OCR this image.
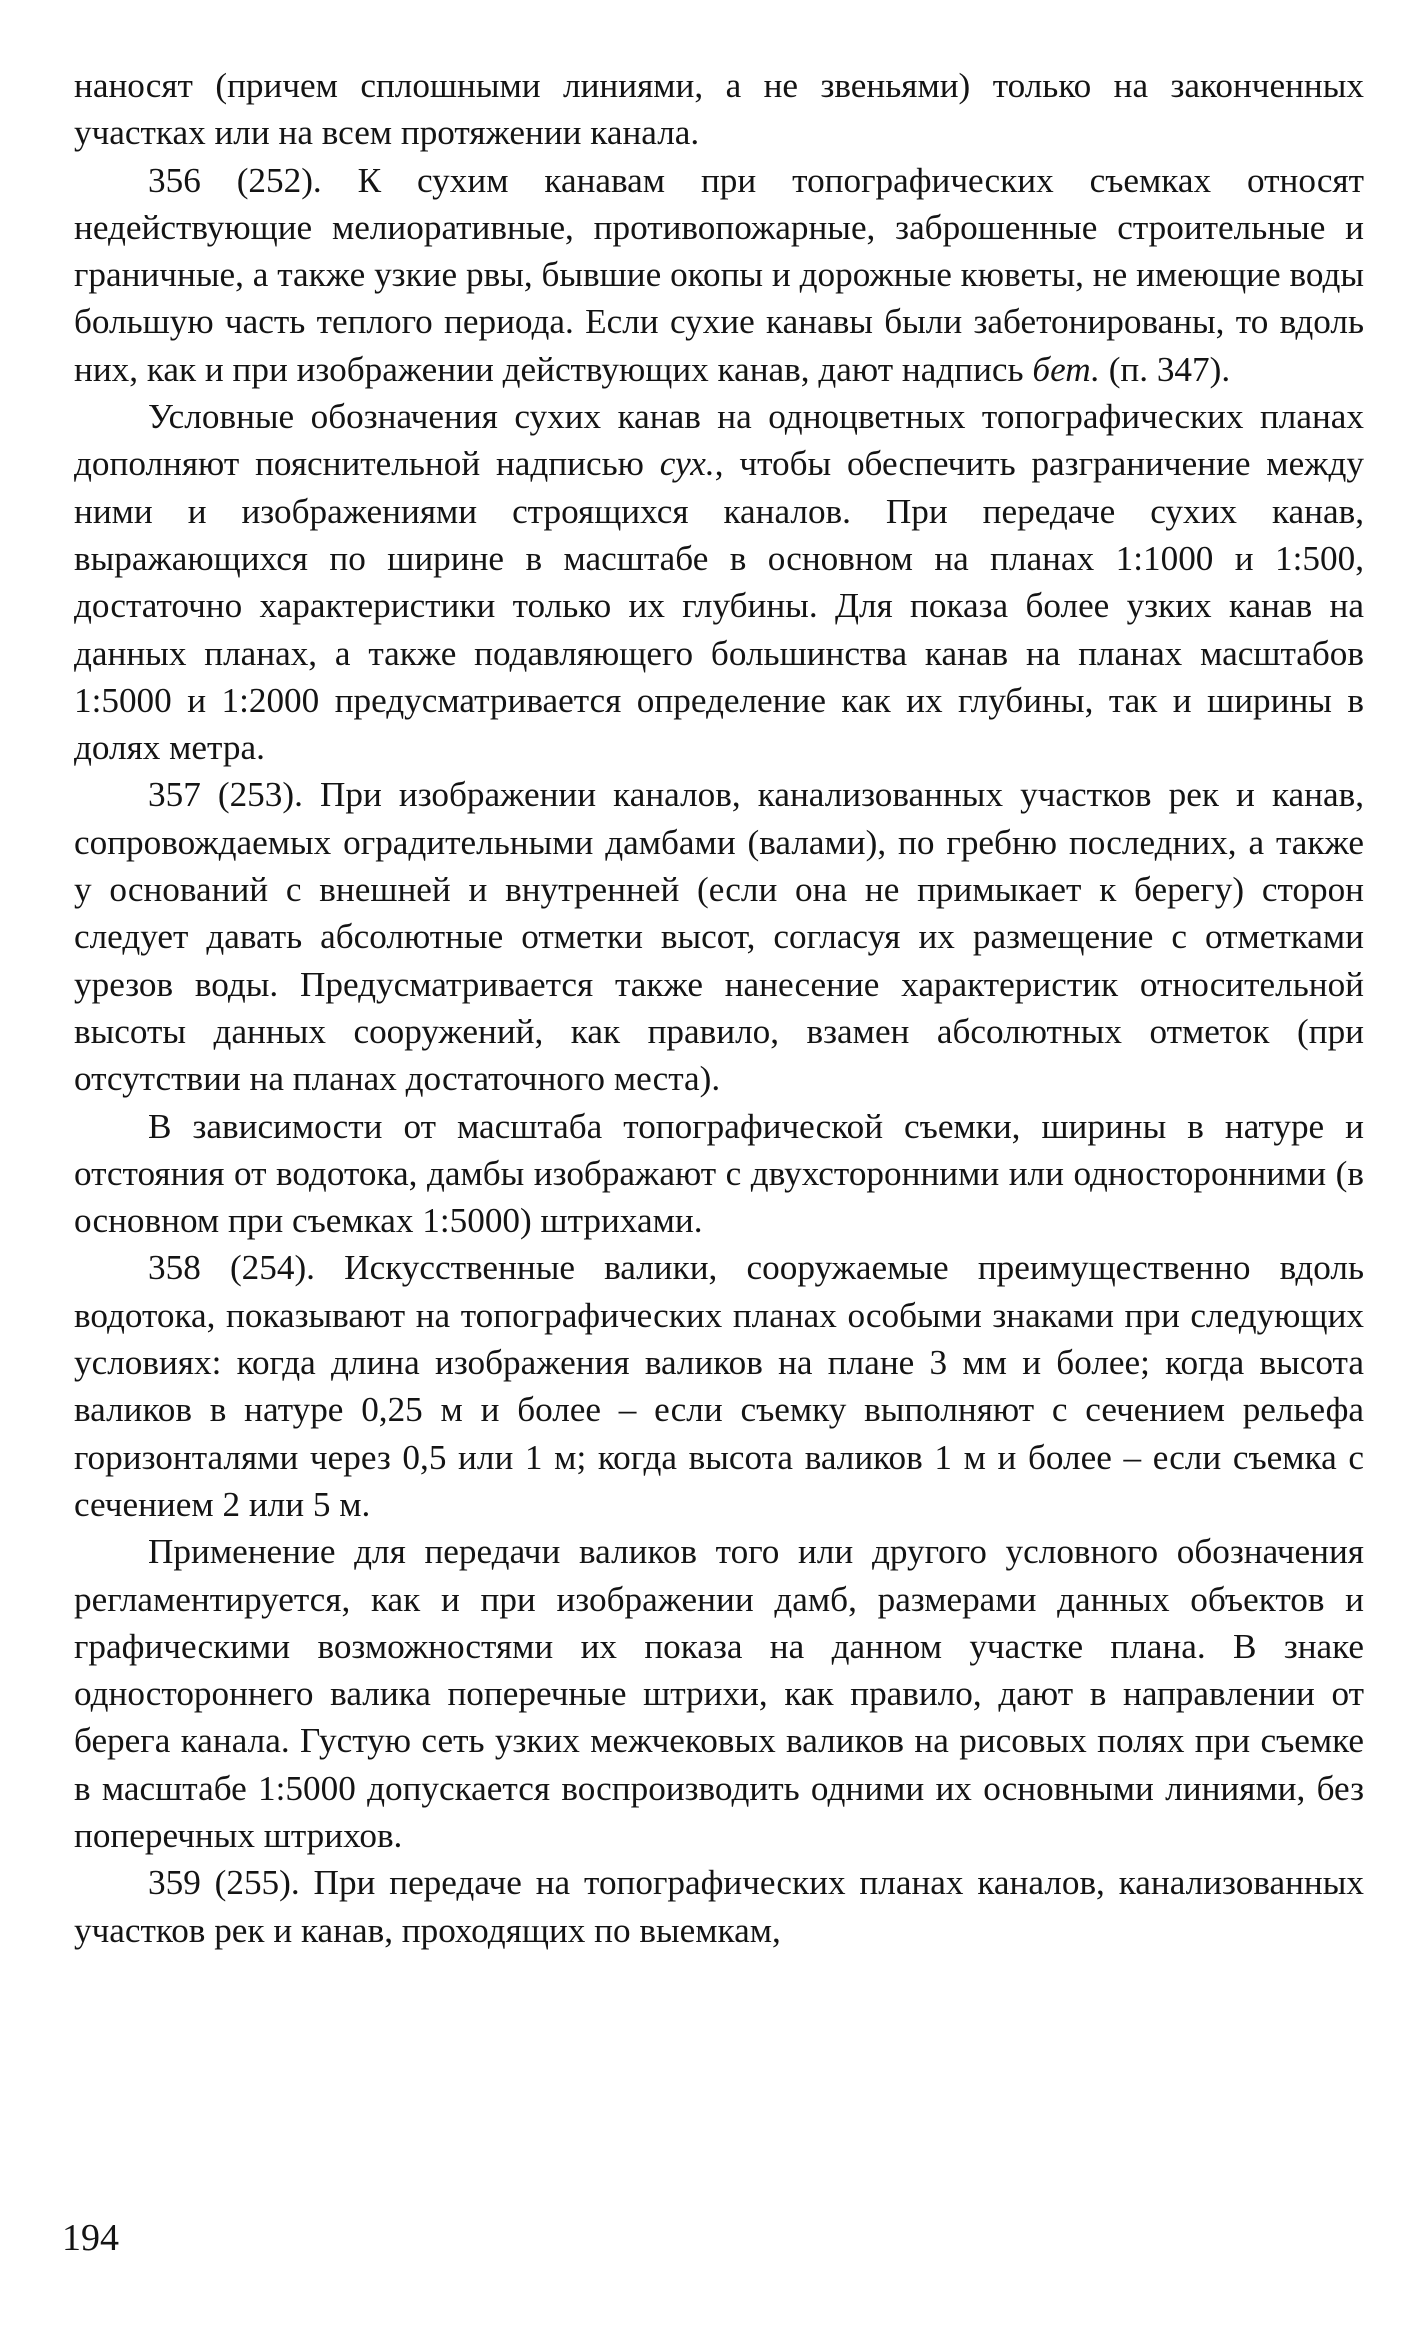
наносят (причем сплошными линиями, а не звеньями) только на законченных участках или на всем протяжении канала.

356 (252). К сухим канавам при топографических съемках относят недействующие мелиоративные, противопожарные, заброшенные строительные и граничные, а также узкие рвы, бывшие окопы и дорожные кюветы, не имеющие воды большую часть теплого периода. Если сухие канавы были забетонированы, то вдоль них, как и при изображении действующих канав, дают надпись бет. (п. 347).

Условные обозначения сухих канав на одноцветных топографических планах дополняют пояснительной надписью сух., чтобы обеспечить разграничение между ними и изображениями строящихся каналов. При передаче сухих канав, выражающихся по ширине в масштабе в основном на планах 1:1000 и 1:500, достаточно характеристики только их глубины. Для показа более узких канав на данных планах, а также подавляющего большинства канав на планах масштабов 1:5000 и 1:2000 предусматривается определение как их глубины, так и ширины в долях метра.

357 (253). При изображении каналов, канализованных участков рек и канав, сопровождаемых оградительными дамбами (валами), по гребню последних, а также у оснований с внешней и внутренней (если она не примыкает к берегу) сторон следует давать абсолютные отметки высот, согласуя их размещение с отметками урезов воды. Предусматривается также нанесение характеристик относительной высоты данных сооружений, как правило, взамен абсолютных отметок (при отсутствии на планах достаточного места).

В зависимости от масштаба топографической съемки, ширины в натуре и отстояния от водотока, дамбы изображают с двухсторонними или односторонними (в основном при съемках 1:5000) штрихами.

358 (254). Искусственные валики, сооружаемые преимущественно вдоль водотока, показывают на топографических планах особыми знаками при следующих условиях: когда длина изображения валиков на плане 3 мм и более; когда высота валиков в натуре 0,25 м и более – если съемку выполняют с сечением рельефа горизонталями через 0,5 или 1 м; когда высота валиков 1 м и более – если съемка с сечением 2 или 5 м.

Применение для передачи валиков того или другого условного обозначения регламентируется, как и при изображении дамб, размерами данных объектов и графическими возможностями их показа на данном участке плана. В знаке одностороннего валика поперечные штрихи, как правило, дают в направлении от берега канала. Густую сеть узких межчековых валиков на рисовых полях при съемке в масштабе 1:5000 допускается воспроизводить одними их основными линиями, без поперечных штрихов.

359 (255). При передаче на топографических планах каналов, канализованных участков рек и канав, проходящих по выемкам,

194
